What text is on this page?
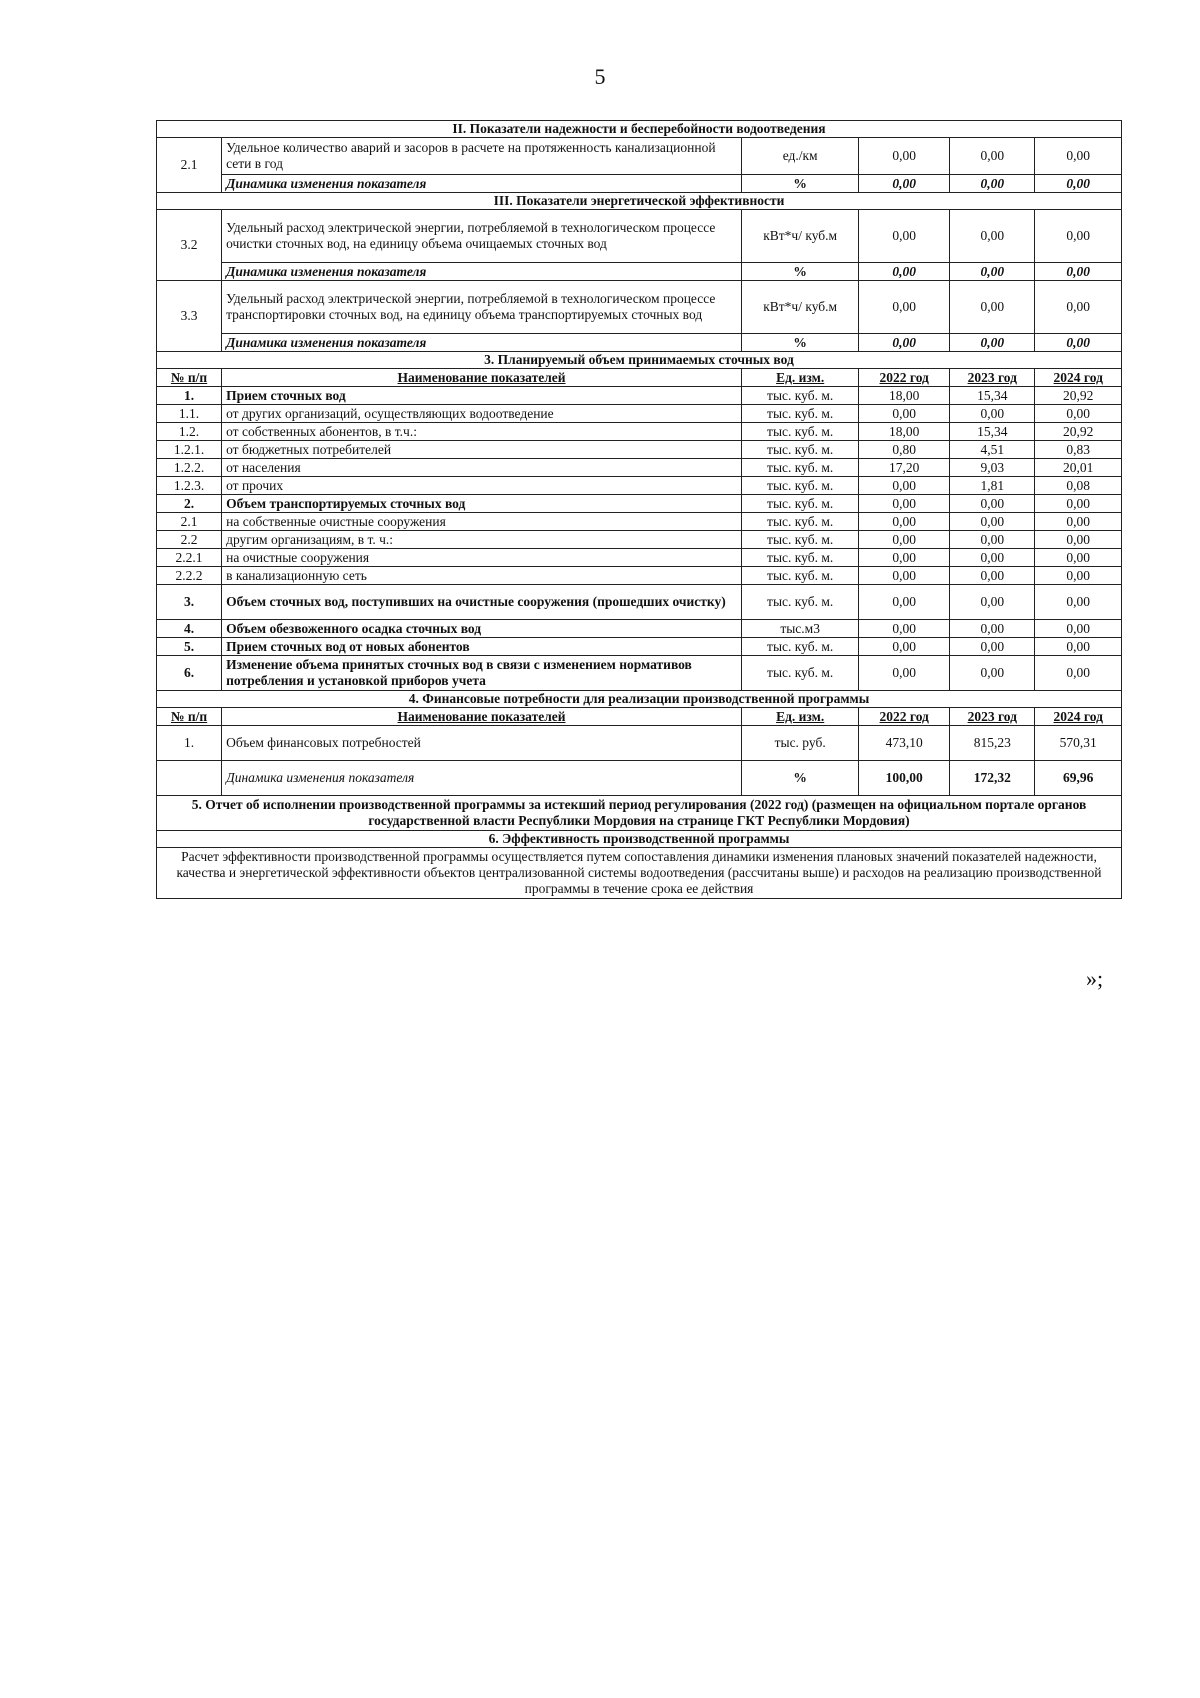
5
II. Показатели надежности и бесперебойности водоотведения					
2.1	Удельное количество аварий и засоров в расчете на протяженность канализационной сети в год	ед./км	0,00	0,00	0,00
	Динамика изменения показателя	%	0,00	0,00	0,00
III. Показатели энергетической эффективности					
3.2	Удельный расход электрической энергии, потребляемой в технологическом процессе очистки сточных вод, на единицу объема очищаемых сточных вод	кВт*ч/ куб.м	0,00	0,00	0,00
	Динамика изменения показателя	%	0,00	0,00	0,00
3.3	Удельный расход электрической энергии, потребляемой в технологическом процессе транспортировки сточных вод, на единицу объема транспортируемых сточных вод	кВт*ч/ куб.м	0,00	0,00	0,00
	Динамика изменения показателя	%	0,00	0,00	0,00
3. Планируемый объем принимаемых сточных вод					
№ п/п	Наименование показателей	Ед. изм.	2022 год	2023 год	2024 год
1.	Прием сточных вод	тыс. куб. м.	18,00	15,34	20,92
1.1.	от других организаций, осуществляющих водоотведение	тыс. куб. м.	0,00	0,00	0,00
1.2.	от собственных абонентов, в т.ч.:	тыс. куб. м.	18,00	15,34	20,92
1.2.1.	от бюджетных потребителей	тыс. куб. м.	0,80	4,51	0,83
1.2.2.	от населения	тыс. куб. м.	17,20	9,03	20,01
1.2.3.	от прочих	тыс. куб. м.	0,00	1,81	0,08
2.	Объем транспортируемых сточных вод	тыс. куб. м.	0,00	0,00	0,00
2.1	на собственные очистные сооружения	тыс. куб. м.	0,00	0,00	0,00
2.2	другим организациям, в т. ч.:	тыс. куб. м.	0,00	0,00	0,00
2.2.1	на очистные сооружения	тыс. куб. м.	0,00	0,00	0,00
2.2.2	в канализационную сеть	тыс. куб. м.	0,00	0,00	0,00
3.	Объем сточных вод, поступивших на очистные сооружения (прошедших очистку)	тыс. куб. м.	0,00	0,00	0,00
4.	Объем обезвоженного осадка сточных вод	тыс.м3	0,00	0,00	0,00
5.	Прием сточных вод от новых абонентов	тыс. куб. м.	0,00	0,00	0,00
6.	Изменение объема принятых сточных вод в связи с изменением нормативов потребления и установкой приборов учета	тыс. куб. м.	0,00	0,00	0,00
4. Финансовые потребности для реализации производственной программы					
№ п/п	Наименование показателей	Ед. изм.	2022 год	2023 год	2024 год
1.	Объем финансовых потребностей	тыс. руб.	473,10	815,23	570,31
	Динамика изменения показателя	%	100,00	172,32	69,96
5. Отчет об исполнении производственной программы за истекший период регулирования (2022 год) (размещен на официальном портале органов государственной власти Республики Мордовия на странице ГКТ Республики Мордовия)					
6. Эффективность производственной программы					
Расчет эффективности производственной программы осуществляется путем сопоставления динамики изменения плановых значений показателей надежности, качества и энергетической эффективности объектов централизованной системы водоотведения (рассчитаны выше) и расходов на реализацию производственной программы в течение срока ее действия					
»;
